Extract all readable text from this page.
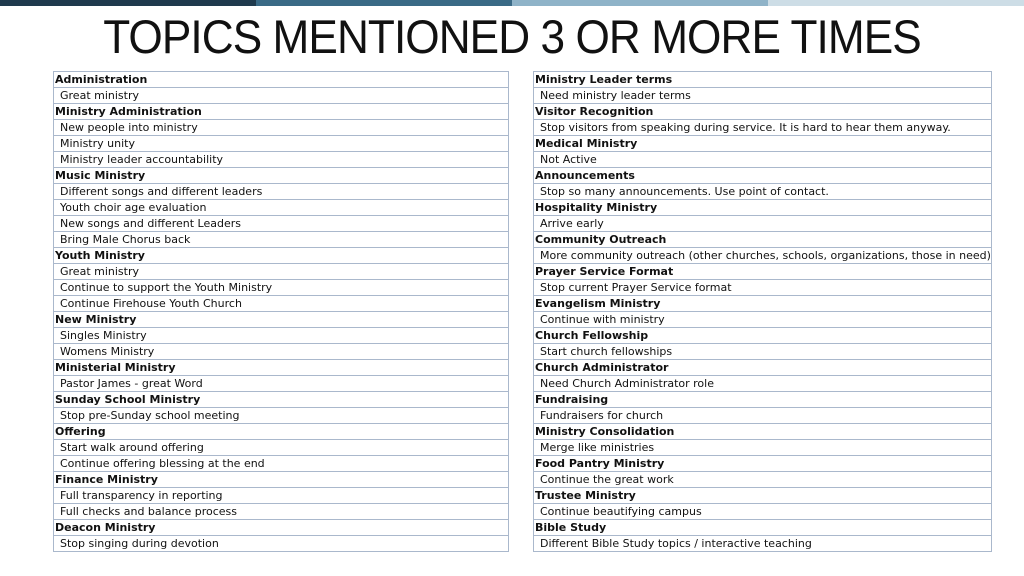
TOPICS MENTIONED 3 OR MORE TIMES
Administration
Great ministry
Ministry Administration
New people into ministry
Ministry unity
Ministry leader accountability
Music Ministry
Different songs and different leaders
Youth choir age evaluation
New songs and different Leaders
Bring Male Chorus back
Youth Ministry
Great ministry
Continue to support the Youth Ministry
Continue Firehouse Youth Church
New Ministry
Singles Ministry
Womens Ministry
Ministerial Ministry
Pastor James - great Word
Sunday School Ministry
Stop pre-Sunday school meeting
Offering
Start walk around offering
Continue offering blessing at the end
Finance Ministry
Full transparency in reporting
Full checks and balance process
Deacon Ministry
Stop singing during devotion
Ministry Leader terms
Need ministry leader terms
Visitor Recognition
Stop visitors from speaking during service. It is hard to hear them anyway.
Medical Ministry
Not Active
Announcements
Stop so many announcements. Use point of contact.
Hospitality Ministry
Arrive early
Community Outreach
More community outreach (other churches, schools, organizations, those in need)
Prayer Service Format
Stop current Prayer Service format
Evangelism Ministry
Continue with ministry
Church Fellowship
Start church fellowships
Church Administrator
Need Church Administrator role
Fundraising
Fundraisers for church
Ministry Consolidation
Merge like ministries
Food Pantry Ministry
Continue the great work
Trustee Ministry
Continue beautifying campus
Bible Study
Different Bible Study topics / interactive teaching
